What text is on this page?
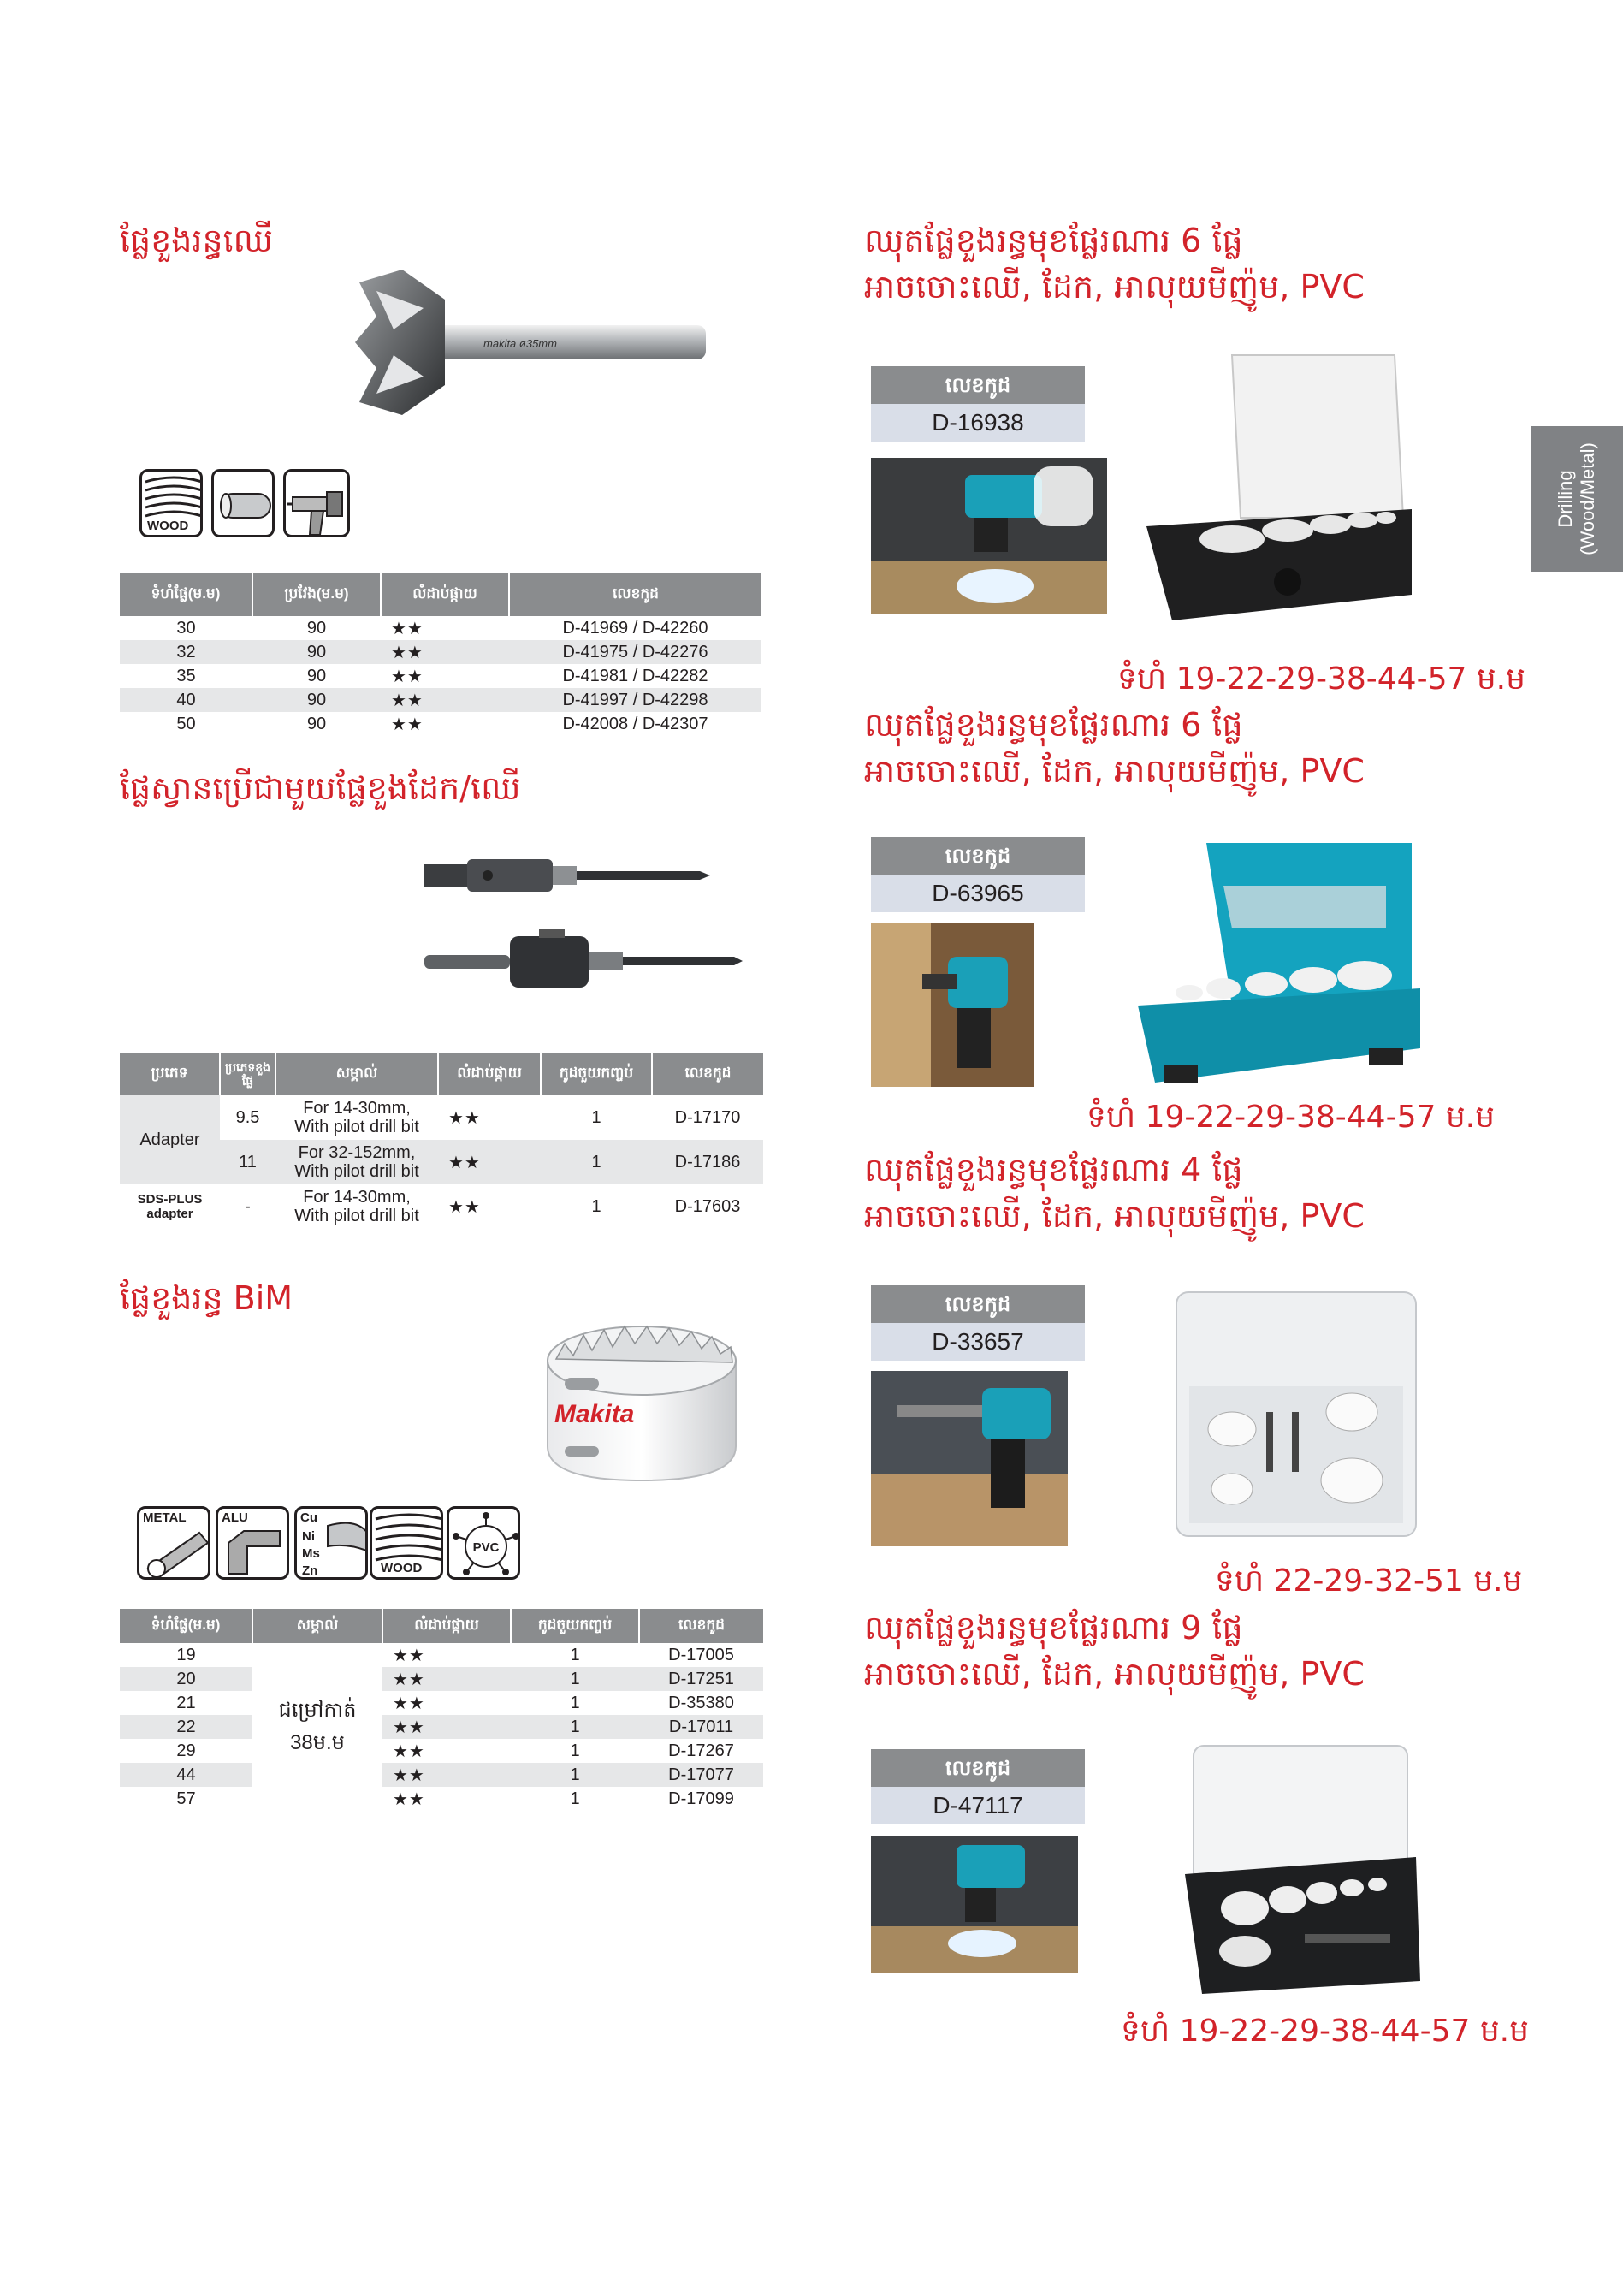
Drilling
(Wood/Metal)
ផ្លែខួងរន្ធឈើ
makita ø35mm
WOOD
ទំហំផ្លែ(ម.ម)	ប្រវែង(ម.ម)	លំដាប់ផ្កាយ	លេខកូដ
30	90	★★	D-41969 / D-42260
32	90	★★	D-41975 / D-42276
35	90	★★	D-41981 / D-42282
40	90	★★	D-41997 / D-42298
50	90	★★	D-42008 / D-42307
ផ្លែស្វានប្រើជាមួយផ្លែខួងដែក/ឈើ
ប្រភេទ	ប្រភេទខួងផ្លែ	សម្គាល់	លំដាប់ផ្កាយ	កូដចួយកញ្ចប់	លេខកូដ
Adapter	9.5	For 14-30mm,
With pilot drill bit	★★	1	D-17170
	11	For 32-152mm,
With pilot drill bit	★★	1	D-17186
SDS-PLUS
adapter	-	For 14-30mm,
With pilot drill bit	★★	1	D-17603
ផ្លែខួងរន្ធ BiM
Makita
METAL	ALU	Cu
Ni
Ms
Zn	WOOD
PVC
ទំហំផ្លែ(ម.ម)	សម្គាល់	លំដាប់ផ្កាយ	កូដចួយកញ្ចប់	លេខកូដ
19	ជម្រៅកាត់
38ម.ម	★★	1	D-17005
20		★★	1	D-17251
21		★★	1	D-35380
22		★★	1	D-17011
29		★★	1	D-17267
44		★★	1	D-17077
57		★★	1	D-17099
ឈុតផ្លែខួងរន្ធមុខផ្លែរណារ 6 ផ្លែ
អាចចោះឈើ, ដែក, អាលុយមីញ៉ូម, PVC
លេខកូដ
D-16938
ទំហំ 19-22-29-38-44-57 ម.ម
ឈុតផ្លែខួងរន្ធមុខផ្លែរណារ 6 ផ្លែ
អាចចោះឈើ, ដែក, អាលុយមីញ៉ូម, PVC
លេខកូដ
D-63965
ទំហំ 19-22-29-38-44-57 ម.ម
ឈុតផ្លែខួងរន្ធមុខផ្លែរណារ 4 ផ្លែ
អាចចោះឈើ, ដែក, អាលុយមីញ៉ូម, PVC
លេខកូដ
D-33657
ទំហំ 22-29-32-51 ម.ម
ឈុតផ្លែខួងរន្ធមុខផ្លែរណារ 9 ផ្លែ
អាចចោះឈើ, ដែក, អាលុយមីញ៉ូម, PVC
លេខកូដ
D-47117
ទំហំ 19-22-29-38-44-57 ម.ម
